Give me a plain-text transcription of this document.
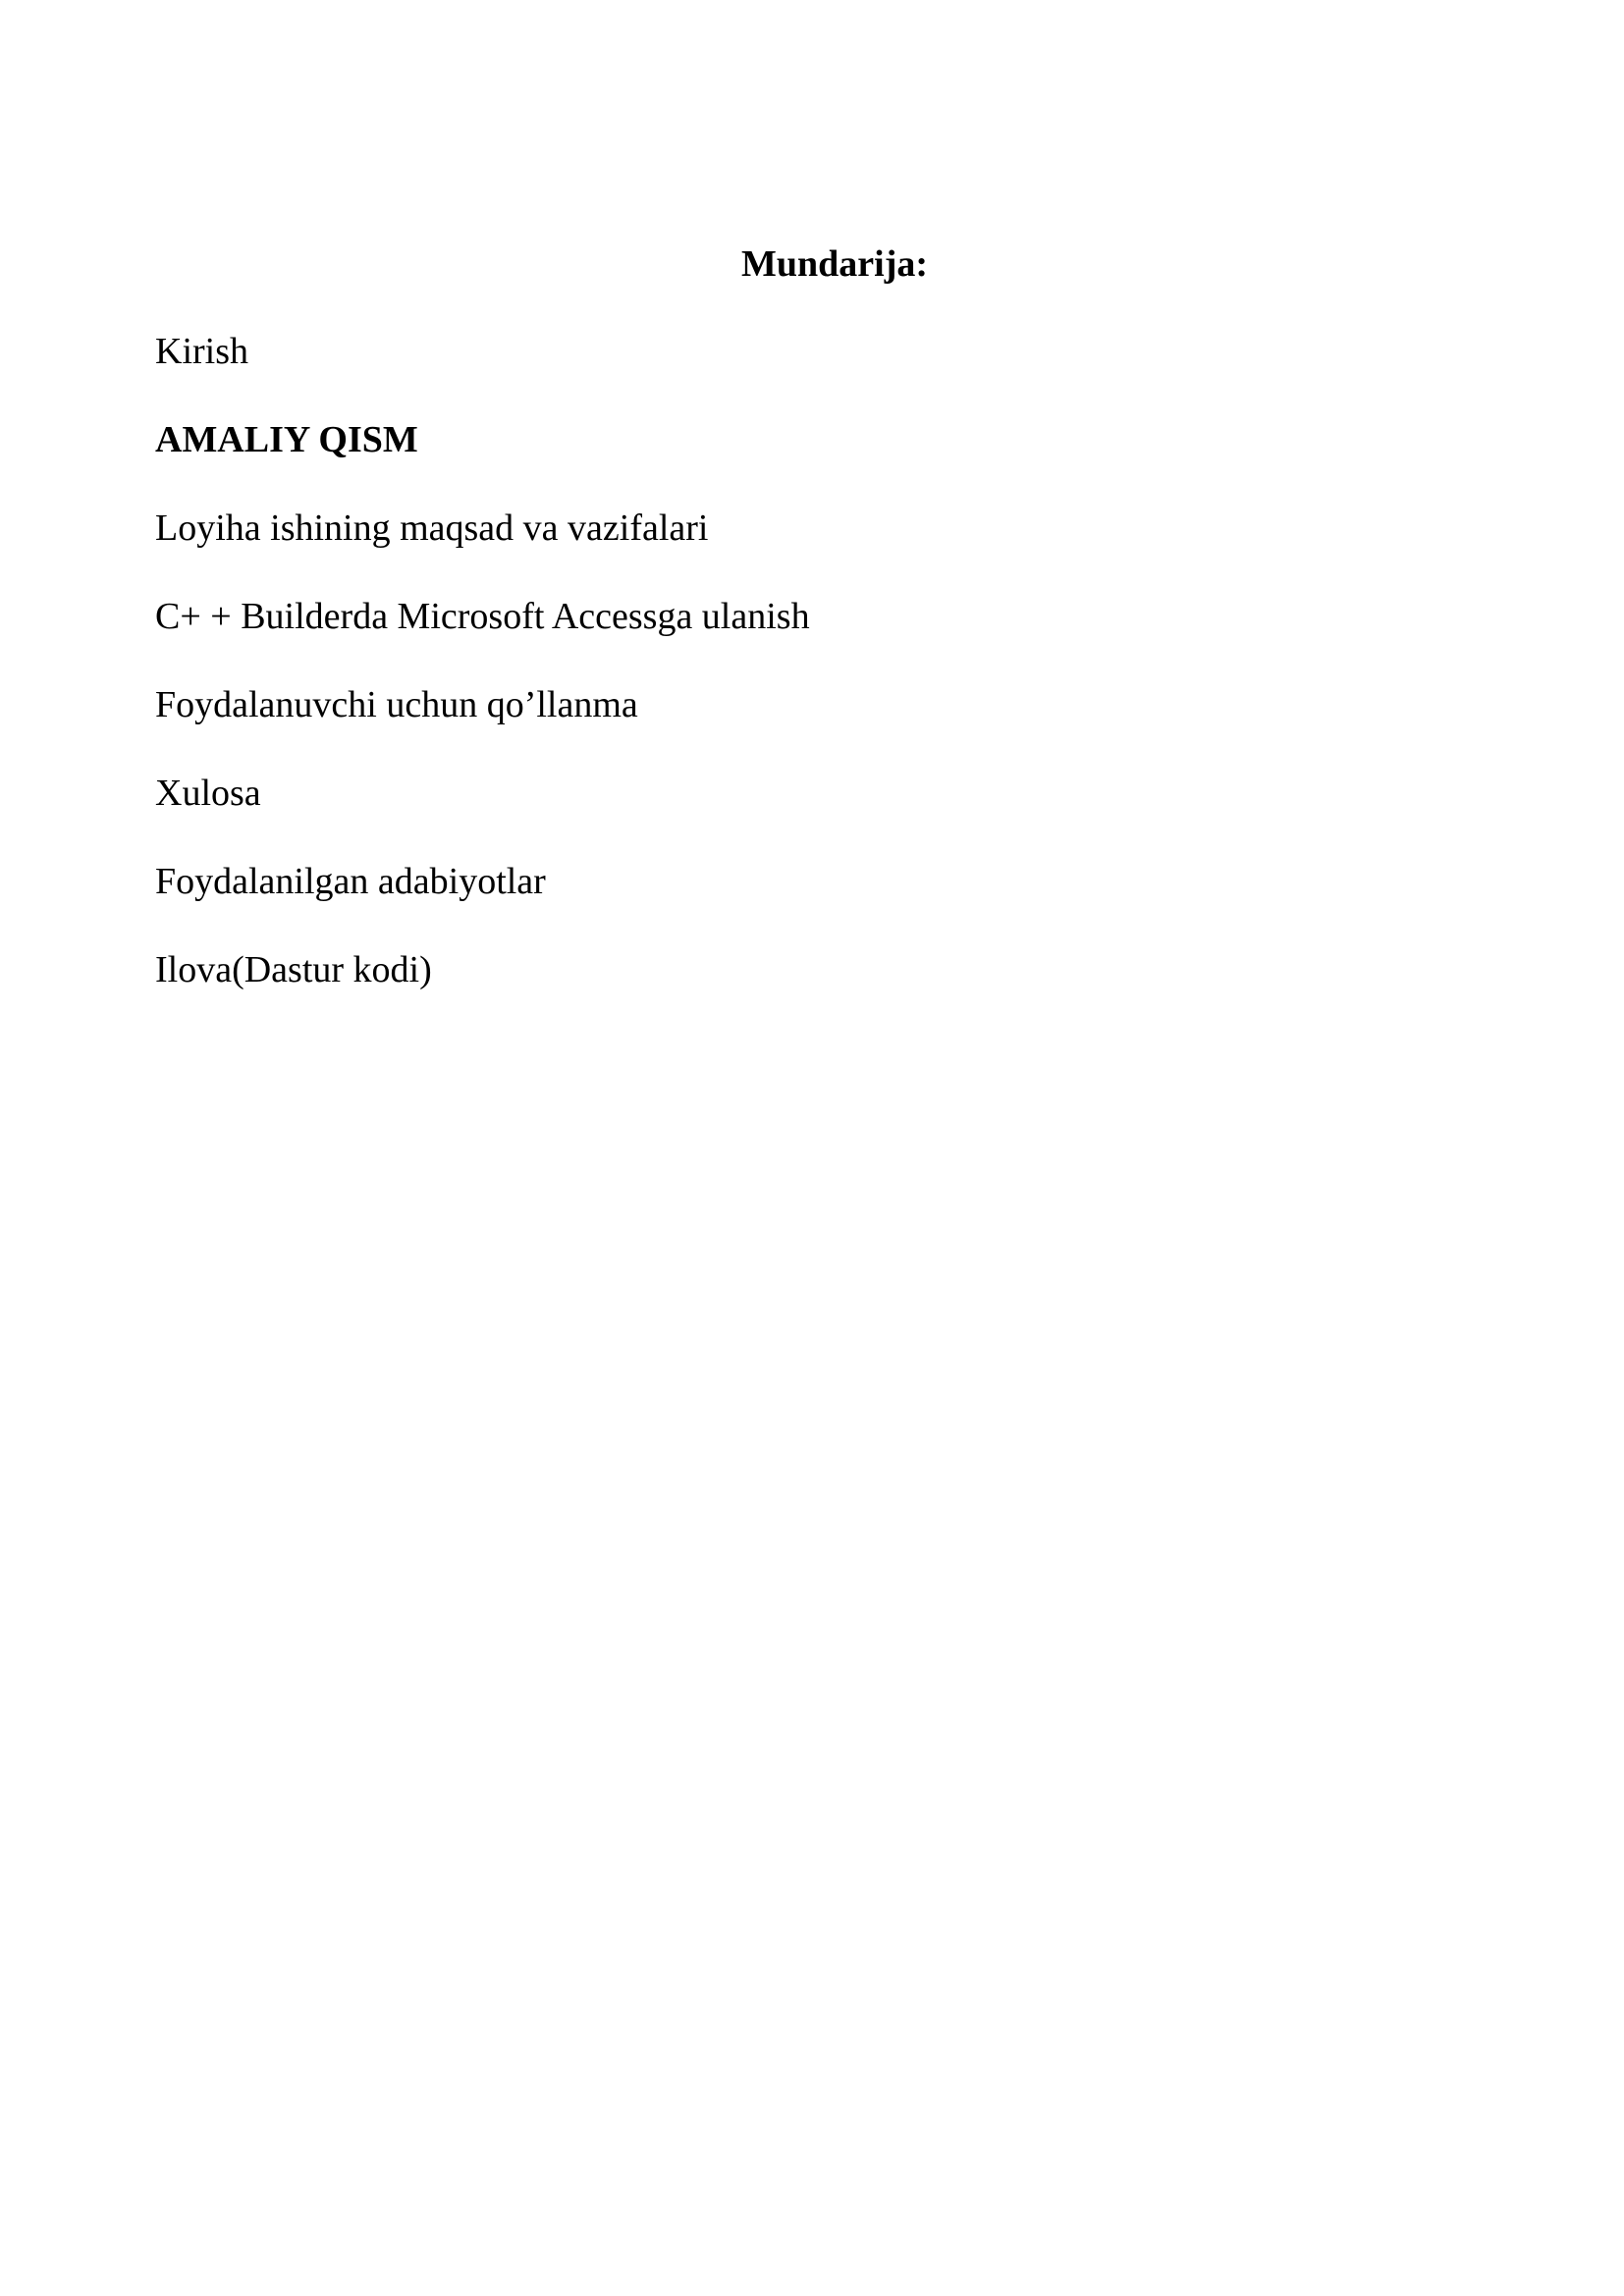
Mundarija:
Kirish
AMALIY QISM
Loyiha ishining maqsad va vazifalari
C+ + Builderda Microsoft Accessga ulanish
Foydalanuvchi uchun qo’llanma
Xulosa
Foydalanilgan adabiyotlar
Ilova(Dastur kodi)
